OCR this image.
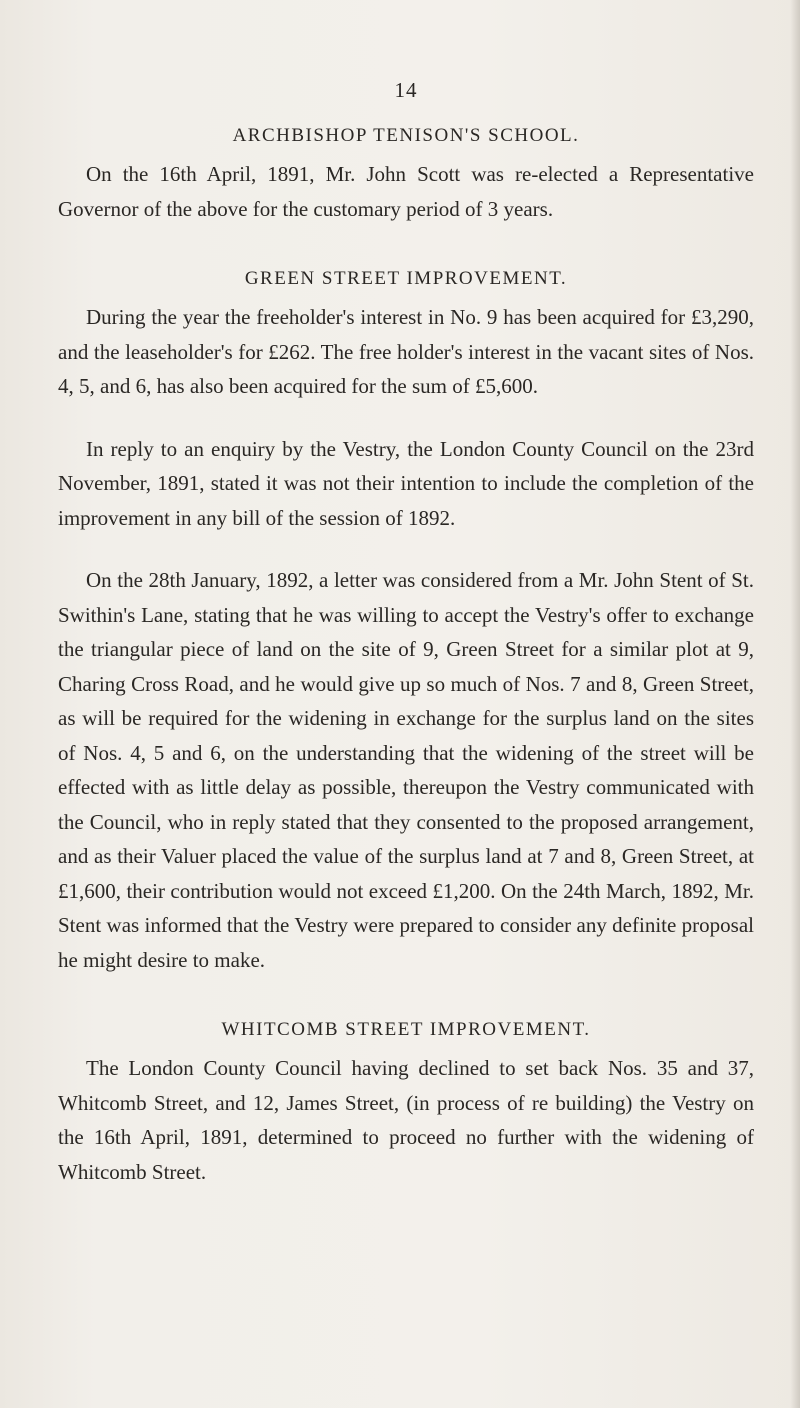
14
ARCHBISHOP TENISON'S SCHOOL.

On the 16th April, 1891, Mr. John Scott was re-elected a Representative Governor of the above for the customary period of 3 years.

GREEN STREET IMPROVEMENT.

During the year the freeholder's interest in No. 9 has been acquired for £3,290, and the leaseholder's for £262. The free holder's interest in the vacant sites of Nos. 4, 5, and 6, has also been acquired for the sum of £5,600.

In reply to an enquiry by the Vestry, the London County Council on the 23rd November, 1891, stated it was not their intention to include the completion of the improvement in any bill of the session of 1892.

On the 28th January, 1892, a letter was considered from a Mr. John Stent of St. Swithin's Lane, stating that he was willing to accept the Vestry's offer to exchange the triangular piece of land on the site of 9, Green Street for a similar plot at 9, Charing Cross Road, and he would give up so much of Nos. 7 and 8, Green Street, as will be required for the widening in exchange for the surplus land on the sites of Nos. 4, 5 and 6, on the understanding that the widening of the street will be effected with as little delay as possible, thereupon the Vestry communicated with the Council, who in reply stated that they consented to the proposed arrangement, and as their Valuer placed the value of the surplus land at 7 and 8, Green Street, at £1,600, their contribution would not exceed £1,200. On the 24th March, 1892, Mr. Stent was informed that the Vestry were prepared to consider any definite proposal he might desire to make.

WHITCOMB STREET IMPROVEMENT.

The London County Council having declined to set back Nos. 35 and 37, Whitcomb Street, and 12, James Street, (in process of re building) the Vestry on the 16th April, 1891, determined to proceed no further with the widening of Whitcomb Street.
